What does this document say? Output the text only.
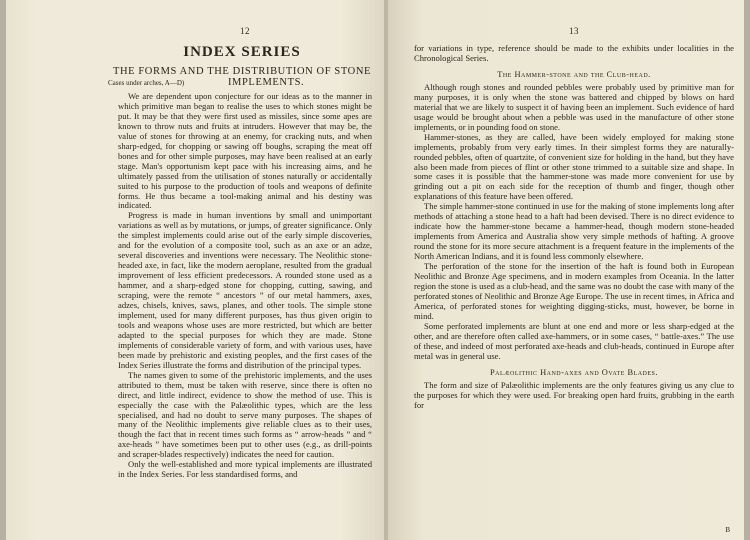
12
INDEX SERIES
THE FORMS AND THE DISTRIBUTION OF STONE
Cases under arches, A—D)	IMPLEMENTS.

We are dependent upon conjecture for our ideas as to the manner in which primitive man began to realise the uses to which stones might be put. It may be that they were first used as missiles, since some apes are known to throw nuts and fruits at intruders. However that may be, the value of stones for throwing at an enemy, for cracking nuts, and when sharp-edged, for chopping or sawing off boughs, scraping the meat off bones and for other simple purposes, may have been realised at an early stage. Man's opportunism kept pace with his increasing aims, and he ultimately passed from the utilisation of stones naturally or accidentally suited to his purpose to the production of tools and weapons of definite forms. He thus became a tool-making animal and his destiny was indicated.

Progress is made in human inventions by small and unimportant variations as well as by mutations, or jumps, of greater significance. Only the simplest implements could arise out of the early simple discoveries, and for the evolution of a composite tool, such as an axe or an adze, several discoveries and inventions were necessary. The Neolithic stone-headed axe, in fact, like the modern aeroplane, resulted from the gradual improvement of less efficient predecessors. A rounded stone used as a hammer, and a sharp-edged stone for chopping, cutting, sawing, and scraping, were the remote “ ancestors ” of our metal hammers, axes, adzes, chisels, knives, saws, planes, and other tools. The simple stone implement, used for many different purposes, has thus given origin to tools and weapons whose uses are more restricted, but which are better adapted to the special purposes for which they are made. Stone implements of considerable variety of form, and with various uses, have been made by prehistoric and existing peoples, and the first cases of the Index Series illustrate the forms and distribution of the principal types.

The names given to some of the prehistoric implements, and the uses attributed to them, must be taken with reserve, since there is often no direct, and little indirect, evidence to show the method of use. This is especially the case with the Palæolithic types, which are the less specialised, and had no doubt to serve many purposes. The shapes of many of the Neolithic implements give reliable clues as to their uses, though the fact that in recent times such forms as “ arrow-heads ” and “ axe-heads ” have sometimes been put to other uses (e.g., as drill-points and scraper-blades respectively) indicates the need for caution.

Only the well-established and more typical implements are illustrated in the Index Series. For less standardised forms, and

13

for variations in type, reference should be made to the exhibits under localities in the Chronological Series.

The Hammer-stone and the Club-head.

Although rough stones and rounded pebbles were probably used by primitive man for many purposes, it is only when the stone was battered and chipped by blows on hard material that we are likely to suspect it of having been an implement. Such evidence of hard usage would be brought about when a pebble was used in the manufacture of other stone implements, or in pounding food on stone.

Hammer-stones, as they are called, have been widely employed for making stone implements, probably from very early times. In their simplest forms they are naturally-rounded pebbles, often of quartzite, of convenient size for holding in the hand, but they have also been made from pieces of flint or other stone trimmed to a suitable size and shape. In some cases it is possible that the hammer-stone was made more convenient for use by grinding out a pit on each side for the reception of thumb and finger, though other explanations of this feature have been offered.

The simple hammer-stone continued in use for the making of stone implements long after methods of attaching a stone head to a haft had been devised. There is no direct evidence to indicate how the hammer-stone became a hammer-head, though modern stone-headed implements from America and Australia show very simple methods of hafting. A groove round the stone for its more secure attachment is a frequent feature in the implements of the North American Indians, and it is found less commonly elsewhere.

The perforation of the stone for the insertion of the haft is found both in European Neolithic and Bronze Age specimens, and in modern examples from Oceania. In the latter region the stone is used as a club-head, and the same was no doubt the case with many of the perforated stones of Neolithic and Bronze Age Europe. The use in recent times, in Africa and America, of perforated stones for weighting digging-sticks, must, however, be borne in mind.

Some perforated implements are blunt at one end and more or less sharp-edged at the other, and are therefore often called axe-hammers, or in some cases, “ battle-axes.” The use of these, and indeed of most perforated axe-heads and club-heads, continued in Europe after metal was in general use.

Palæolithic Hand-axes and Ovate Blades.

The form and size of Palæolithic implements are the only features giving us any clue to the purposes for which they were used. For breaking open hard fruits, grubbing in the earth for

B
